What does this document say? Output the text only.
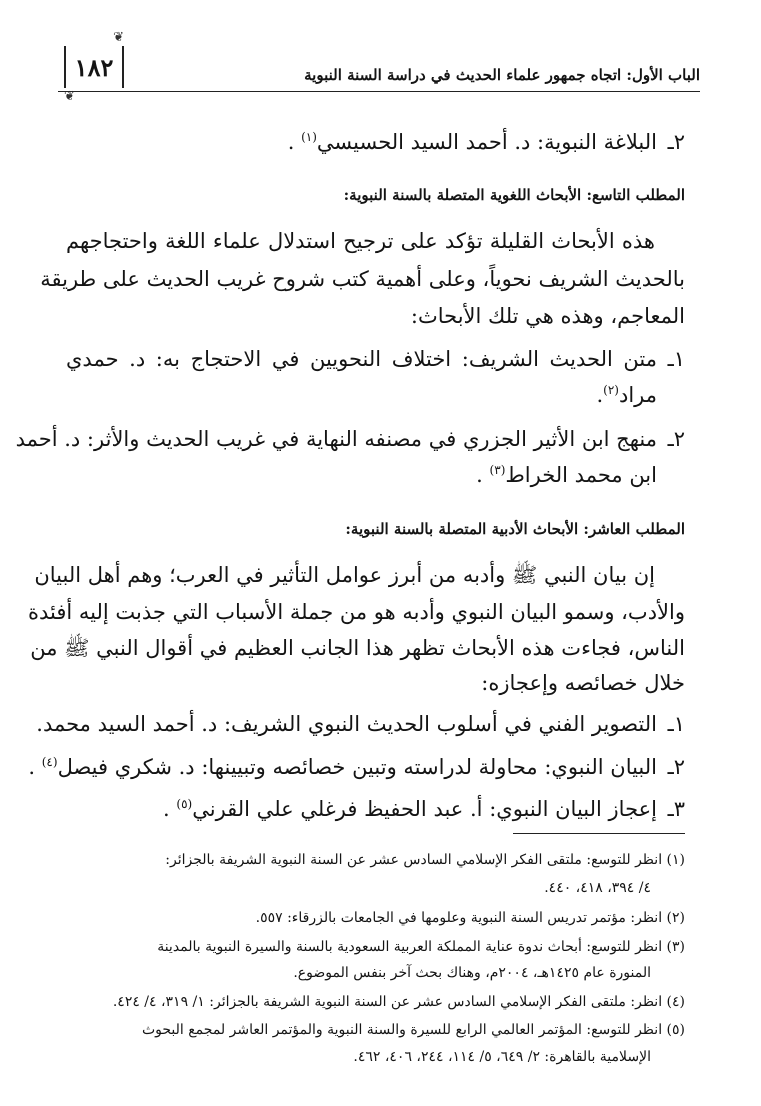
الباب الأول: اتجاه جمهور علماء الحديث في دراسة السنة النبوية
❦
١٨٢
❦
٢ـ
البلاغة النبوية: د. أحمد السيد الحسيسي$^{(١)}$ .
المطلب التاسع: الأبحاث اللغوية المتصلة بالسنة النبوية:
هذه الأبحاث القليلة تؤكد على ترجيح استدلال علماء اللغة واحتجاجهم
بالحديث الشريف نحوياً، وعلى أهمية كتب شروح غريب الحديث على طريقة
المعاجم، وهذه هي تلك الأبحاث:
١ـ
متن الحديث الشريف: اختلاف النحويين في الاحتجاج به: د. حمدي
مراد$^{(٢)}$.
٢ـ
منهج ابن الأثير الجزري في مصنفه النهاية في غريب الحديث والأثر: د. أحمد
ابن محمد الخراط$^{(٣)}$ .
المطلب العاشر: الأبحاث الأدبية المتصلة بالسنة النبوية:
إن بيان النبي ﷺ وأدبه من أبرز عوامل التأثير في العرب؛ وهم أهل البيان
والأدب، وسمو البيان النبوي وأدبه هو من جملة الأسباب التي جذبت إليه أفئدة
الناس، فجاءت هذه الأبحاث تظهر هذا الجانب العظيم في أقوال النبي ﷺ من
خلال خصائصه وإعجازه:
١ـ
التصوير الفني في أسلوب الحديث النبوي الشريف: د. أحمد السيد محمد.
٢ـ
البيان النبوي: محاولة لدراسته وتبين خصائصه وتبيينها: د. شكري فيصل$^{(٤)}$ .
٣ـ
إعجاز البيان النبوي: أ. عبد الحفيظ فرغلي علي القرني$^{(٥)}$ .
(١) انظر للتوسع: ملتقى الفكر الإسلامي السادس عشر عن السنة النبوية الشريفة بالجزائر:
٤/ ٣٩٤، ٤١٨، ٤٤٠.
(٢) انظر: مؤتمر تدريس السنة النبوية وعلومها في الجامعات بالزرقاء: ٥٥٧.
(٣) انظر للتوسع: أبحاث ندوة عناية المملكة العربية السعودية بالسنة والسيرة النبوية بالمدينة
المنورة عام ١٤٢٥هـ، ٢٠٠٤م، وهناك بحث آخر بنفس الموضوع.
(٤) انظر: ملتقى الفكر الإسلامي السادس عشر عن السنة النبوية الشريفة بالجزائر: ١/ ٣١٩، ٤/ ٤٢٤.
(٥) انظر للتوسع: المؤتمر العالمي الرابع للسيرة والسنة النبوية والمؤتمر العاشر لمجمع البحوث
الإسلامية بالقاهرة: ٢/ ٦٤٩، ٥/ ١١٤، ٢٤٤، ٤٠٦، ٤٦٢.
